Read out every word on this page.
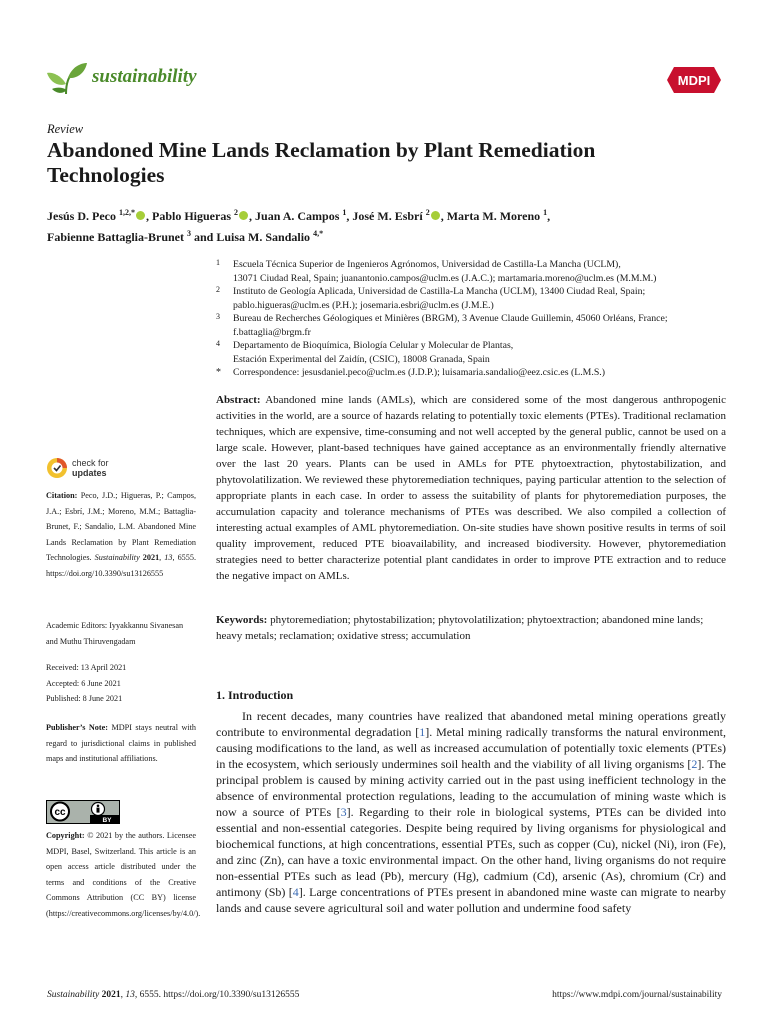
sustainability	MDPI
Review
Abandoned Mine Lands Reclamation by Plant Remediation Technologies
Jesús D. Peco $^{1,2,*}$ , Pablo Higueras $^2$ , Juan A. Campos $^1$, José M. Esbrí $^2$ , Marta M. Moreno $^1$,
Fabienne Battaglia-Brunet $^3$ and Luisa M. Sandalio $^{4,*}$
1 Escuela Técnica Superior de Ingenieros Agrónomos, Universidad de Castilla-La Mancha (UCLM),
13071 Ciudad Real, Spain; juanantonio.campos@uclm.es (J.A.C.); martamaria.moreno@uclm.es (M.M.M.)
2 Instituto de Geología Aplicada, Universidad de Castilla-La Mancha (UCLM), 13400 Ciudad Real, Spain;
pablo.higueras@uclm.es (P.H.); josemaria.esbri@uclm.es (J.M.E.)
3 Bureau de Recherches Géologiques et Minières (BRGM), 3 Avenue Claude Guillemin, 45060 Orléans, France;
f.battaglia@brgm.fr
4 Departamento de Bioquímica, Biología Celular y Molecular de Plantas,
Estación Experimental del Zaidín, (CSIC), 18008 Granada, Spain
* Correspondence: jesusdaniel.peco@uclm.es (J.D.P.); luisamaria.sandalio@eez.csic.es (L.M.S.)

Abstract: Abandoned mine lands (AMLs), which are considered some of the most dangerous anthropogenic activities in the world, are a source of hazards relating to potentially toxic elements (PTEs). Traditional reclamation techniques, which are expensive, time-consuming and not well accepted by the general public, cannot be used on a large scale. However, plant-based techniques have gained acceptance as an environmentally friendly alternative over the last 20 years. Plants can be used in AMLs for PTE phytoextraction, phytostabilization, and phytovolatilization. We reviewed these phytoremediation techniques, paying particular attention to the selection of appropriate plants in each case. In order to assess the suitability of plants for phytoremediation purposes, the accumulation capacity and tolerance mechanisms of PTEs was described. We also compiled a collection of interesting actual examples of AML phytoremediation. On-site studies have shown positive results in terms of soil quality improvement, reduced PTE bioavailability, and increased biodiversity. However, phytoremediation strategies need to better characterize potential plant candidates in order to improve PTE extraction and to reduce the negative impact on AMLs.

Keywords: phytoremediation; phytostabilization; phytovolatilization; phytoextraction; abandoned mine lands; heavy metals; reclamation; oxidative stress; accumulation

check for
updates

Citation: Peco, J.D.; Higueras, P.; Campos, J.A.; Esbrí, J.M.; Moreno, M.M.; Battaglia-Brunet, F.; Sandalio, L.M. Abandoned Mine Lands Reclamation by Plant Remediation Technologies. Sustainability 2021, 13, 6555. https://doi.org/10.3390/su13126555

Academic Editors: Iyyakkannu Sivanesan and Muthu Thiruvengadam

Received: 13 April 2021
Accepted: 6 June 2021
Published: 8 June 2021

Publisher’s Note: MDPI stays neutral with regard to jurisdictional claims in published maps and institutional affiliations.

cc
BY

Copyright: © 2021 by the authors. Licensee MDPI, Basel, Switzerland. This article is an open access article distributed under the terms and conditions of the Creative Commons Attribution (CC BY) license (https://creativecommons.org/licenses/by/4.0/).

1. Introduction

In recent decades, many countries have realized that abandoned metal mining operations greatly contribute to environmental degradation [1]. Metal mining radically transforms the natural environment, causing modifications to the land, as well as increased accumulation of potentially toxic elements (PTEs) in the ecosystem, which seriously undermines soil health and the viability of all living organisms [2]. The principal problem is caused by mining activity carried out in the past using inefficient technology in the absence of environmental protection regulations, leading to the accumulation of mining waste which is now a source of PTEs [3]. Regarding to their role in biological systems, PTEs can be divided into essential and non-essential categories. Despite being required by living organisms for physiological and biochemical functions, at high concentrations, essential PTEs, such as copper (Cu), nickel (Ni), iron (Fe), and zinc (Zn), can have a toxic environmental impact. On the other hand, living organisms do not require non-essential PTEs such as lead (Pb), mercury (Hg), cadmium (Cd), arsenic (As), chromium (Cr) and antimony (Sb) [4]. Large concentrations of PTEs present in abandoned mine waste can migrate to nearby lands and cause severe agricultural soil and water pollution and undermine food safety

Sustainability 2021, 13, 6555. https://doi.org/10.3390/su13126555	https://www.mdpi.com/journal/sustainability
